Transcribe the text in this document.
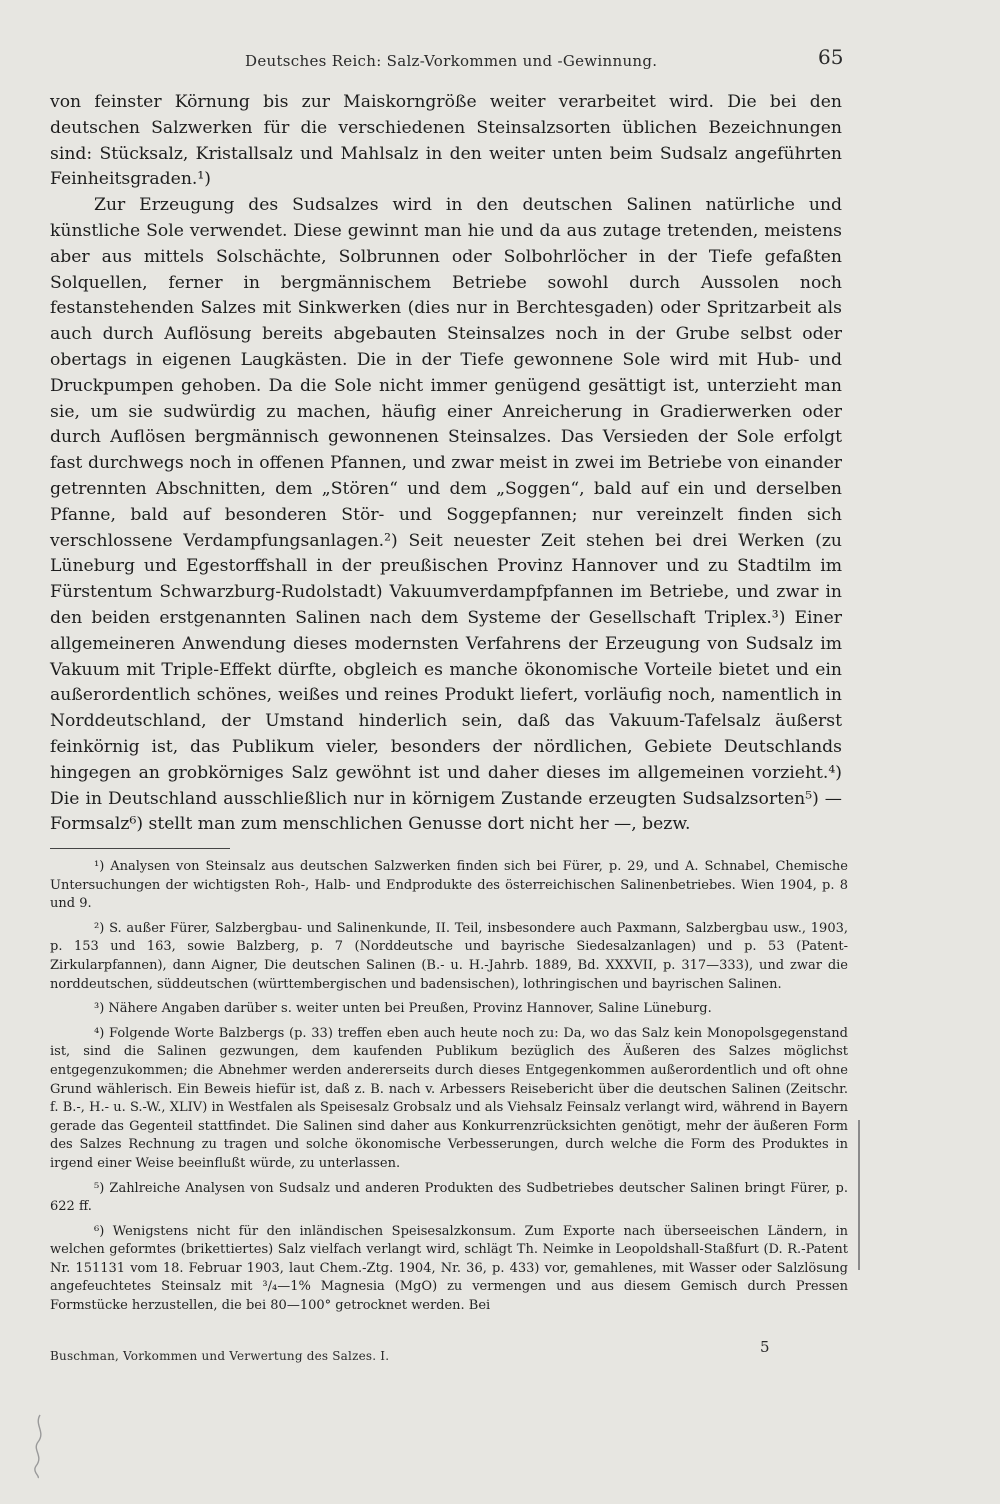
Deutsches Reich: Salz-Vorkommen und -Gewinnung.	65

von feinster Körnung bis zur Maiskorngröße weiter verarbeitet wird. Die bei den deutschen Salzwerken für die verschiedenen Steinsalzsorten üblichen Bezeichnungen sind: Stücksalz, Kristallsalz und Mahlsalz in den weiter unten beim Sudsalz angeführten Feinheitsgraden.¹)

Zur Erzeugung des Sudsalzes wird in den deutschen Salinen natürliche und künstliche Sole verwendet. Diese gewinnt man hie und da aus zutage tretenden, meistens aber aus mittels Solschächte, Solbrunnen oder Solbohrlöcher in der Tiefe gefaßten Solquellen, ferner in bergmännischem Betriebe sowohl durch Aussolen noch festanstehenden Salzes mit Sinkwerken (dies nur in Berchtesgaden) oder Spritzarbeit als auch durch Auflösung bereits abgebauten Steinsalzes noch in der Grube selbst oder obertags in eigenen Laugkästen. Die in der Tiefe gewonnene Sole wird mit Hub- und Druckpumpen gehoben. Da die Sole nicht immer genügend gesättigt ist, unterzieht man sie, um sie sudwürdig zu machen, häufig einer Anreicherung in Gradierwerken oder durch Auflösen bergmännisch gewonnenen Steinsalzes. Das Versieden der Sole erfolgt fast durchwegs noch in offenen Pfannen, und zwar meist in zwei im Betriebe von einander getrennten Abschnitten, dem „Stören“ und dem „Soggen“, bald auf ein und derselben Pfanne, bald auf besonderen Stör- und Soggepfannen; nur vereinzelt finden sich verschlossene Verdampfungsanlagen.²) Seit neuester Zeit stehen bei drei Werken (zu Lüneburg und Egestorffshall in der preußischen Provinz Hannover und zu Stadtilm im Fürstentum Schwarzburg-Rudolstadt) Vakuumverdampfpfannen im Betriebe, und zwar in den beiden erstgenannten Salinen nach dem Systeme der Gesellschaft Triplex.³) Einer allgemeineren Anwendung dieses modernsten Verfahrens der Erzeugung von Sudsalz im Vakuum mit Triple-Effekt dürfte, obgleich es manche ökonomische Vorteile bietet und ein außerordentlich schönes, weißes und reines Produkt liefert, vorläufig noch, namentlich in Norddeutschland, der Umstand hinderlich sein, daß das Vakuum-Tafelsalz äußerst feinkörnig ist, das Publikum vieler, besonders der nördlichen, Gebiete Deutschlands hingegen an grobkörniges Salz gewöhnt ist und daher dieses im allgemeinen vorzieht.⁴) Die in Deutschland ausschließlich nur in körnigem Zustande erzeugten Sudsalzsorten⁵) — Formsalz⁶) stellt man zum menschlichen Genusse dort nicht her —, bezw.

¹) Analysen von Steinsalz aus deutschen Salzwerken finden sich bei Fürer, p. 29, und A. Schnabel, Chemische Untersuchungen der wichtigsten Roh-, Halb- und Endprodukte des österreichischen Salinenbetriebes. Wien 1904, p. 8 und 9.

²) S. außer Fürer, Salzbergbau- und Salinenkunde, II. Teil, insbesondere auch Paxmann, Salzbergbau usw., 1903, p. 153 und 163, sowie Balzberg, p. 7 (Norddeutsche und bayrische Siedesalzanlagen) und p. 53 (Patent-Zirkularpfannen), dann Aigner, Die deutschen Salinen (B.- u. H.-Jahrb. 1889, Bd. XXXVII, p. 317—333), und zwar die norddeutschen, süddeutschen (württembergischen und badensischen), lothringischen und bayrischen Salinen.

³) Nähere Angaben darüber s. weiter unten bei Preußen, Provinz Hannover, Saline Lüneburg.

⁴) Folgende Worte Balzbergs (p. 33) treffen eben auch heute noch zu: Da, wo das Salz kein Monopolsgegenstand ist, sind die Salinen gezwungen, dem kaufenden Publikum bezüglich des Äußeren des Salzes möglichst entgegenzukommen; die Abnehmer werden andererseits durch dieses Entgegenkommen außerordentlich und oft ohne Grund wählerisch. Ein Beweis hiefür ist, daß z. B. nach v. Arbessers Reisebericht über die deutschen Salinen (Zeitschr. f. B.-, H.- u. S.-W., XLIV) in Westfalen als Speisesalz Grobsalz und als Viehsalz Feinsalz verlangt wird, während in Bayern gerade das Gegenteil stattfindet. Die Salinen sind daher aus Konkurrenzrücksichten genötigt, mehr der äußeren Form des Salzes Rechnung zu tragen und solche ökonomische Verbesserungen, durch welche die Form des Produktes in irgend einer Weise beeinflußt würde, zu unterlassen.

⁵) Zahlreiche Analysen von Sudsalz und anderen Produkten des Sudbetriebes deutscher Salinen bringt Fürer, p. 622 ff.

⁶) Wenigstens nicht für den inländischen Speisesalzkonsum. Zum Exporte nach überseeischen Ländern, in welchen geformtes (brikettiertes) Salz vielfach verlangt wird, schlägt Th. Neimke in Leopoldshall-Staßfurt (D. R.-Patent Nr. 151131 vom 18. Februar 1903, laut Chem.-Ztg. 1904, Nr. 36, p. 433) vor, gemahlenes, mit Wasser oder Salzlösung angefeuchtetes Steinsalz mit ³/₄—1% Magnesia (MgO) zu vermengen und aus diesem Gemisch durch Pressen Formstücke herzustellen, die bei 80—100° getrocknet werden. Bei

Buschman, Vorkommen und Verwertung des Salzes. I.	5
